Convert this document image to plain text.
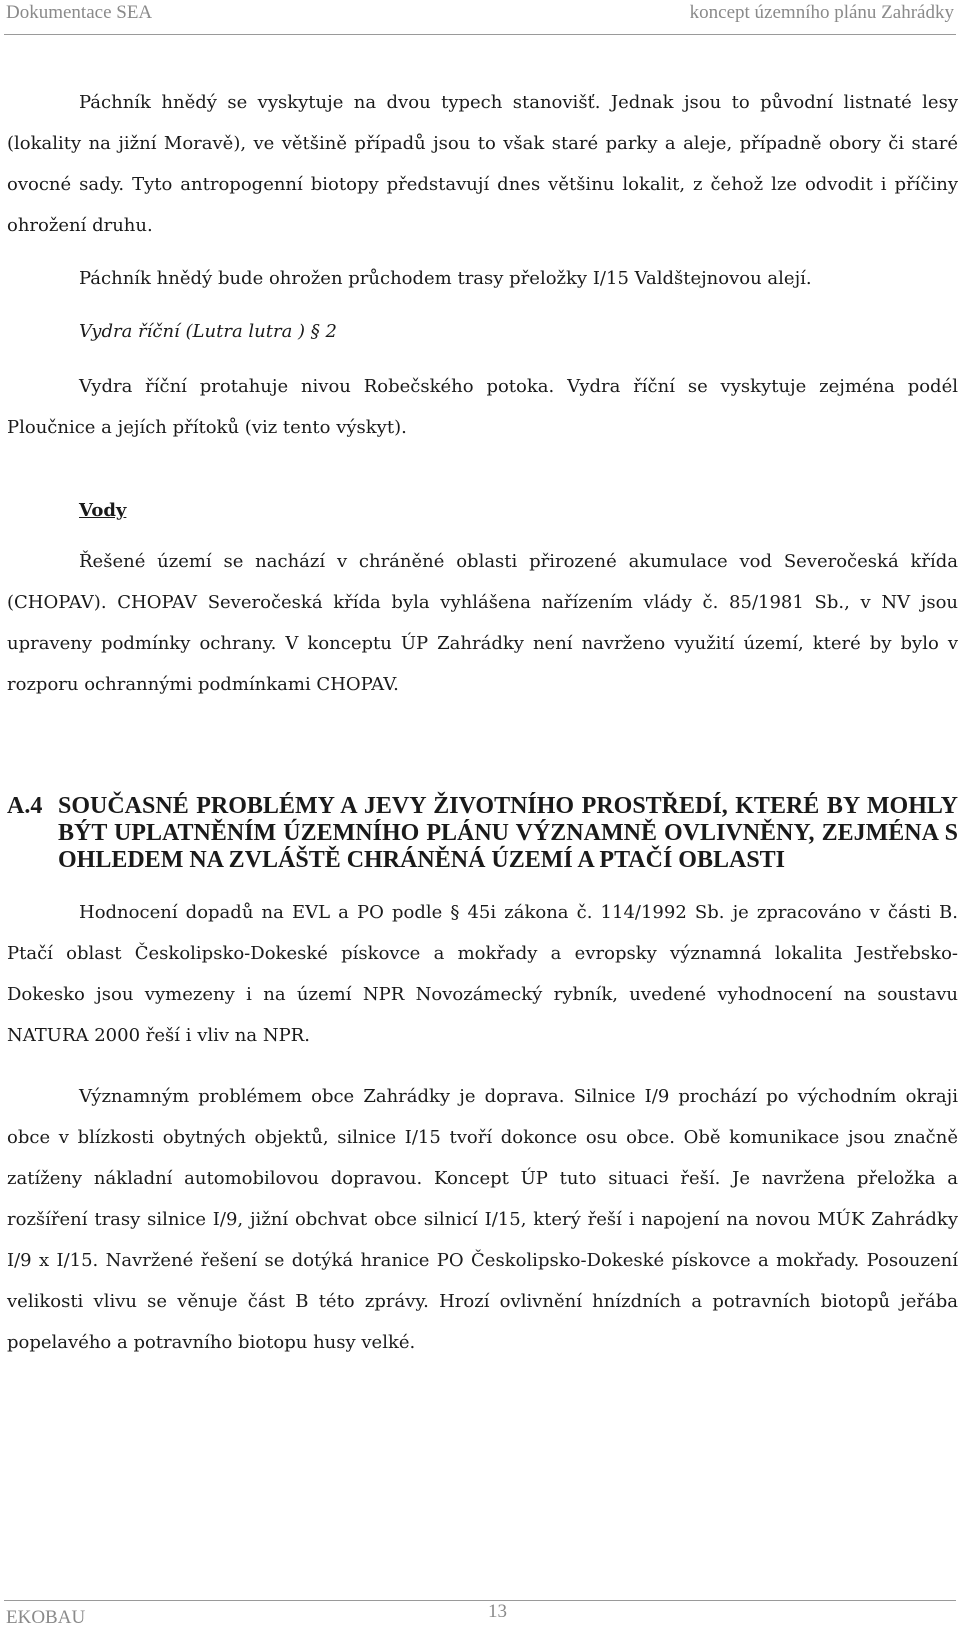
Dokumentace SEA	koncept územního plánu Zahrádky

Páchník hnědý se vyskytuje na dvou typech stanovišť. Jednak jsou to původní listnaté lesy (lokality na jižní Moravě), ve většině případů jsou to však staré parky a aleje, případně obory či staré ovocné sady. Tyto antropogenní biotopy představují dnes většinu lokalit, z čehož lze odvodit i příčiny ohrožení druhu.

Páchník hnědý bude ohrožen průchodem trasy přeložky I/15 Valdštejnovou alejí.

Vydra říční (Lutra lutra ) § 2

Vydra říční protahuje nivou Robečského potoka. Vydra říční se vyskytuje zejména podél Ploučnice a jejích přítoků (viz tento výskyt).

Vody

Řešené území se nachází v chráněné oblasti přirozené akumulace vod Severočeská křída (CHOPAV). CHOPAV Severočeská křída byla vyhlášena nařízením vlády č. 85/1981 Sb., v NV jsou upraveny podmínky ochrany. V konceptu ÚP Zahrádky není navrženo využití území, které by bylo v rozporu ochrannými podmínkami CHOPAV.

A.4 SOUČASNÉ PROBLÉMY A JEVY ŽIVOTNÍHO PROSTŘEDÍ, KTERÉ BY MOHLY BÝT UPLATNĚNÍM ÚZEMNÍHO PLÁNU VÝZNAMNĚ OVLIVNĚNY, ZEJMÉNA S OHLEDEM NA ZVLÁŠTĚ CHRÁNĚNÁ ÚZEMÍ A PTAČÍ OBLASTI

Hodnocení dopadů na EVL a PO podle § 45i zákona č. 114/1992 Sb. je zpracováno v části B. Ptačí oblast Českolipsko-Dokeské pískovce a mokřady a evropsky významná lokalita Jestřebsko-Dokesko jsou vymezeny i na území NPR Novozámecký rybník, uvedené vyhodnocení na soustavu NATURA 2000 řeší i vliv na NPR.

Významným problémem obce Zahrádky je doprava. Silnice I/9 prochází po východním okraji obce v blízkosti obytných objektů, silnice I/15 tvoří dokonce osu obce. Obě komunikace jsou značně zatíženy nákladní automobilovou dopravou. Koncept ÚP tuto situaci řeší. Je navržena přeložka a rozšíření trasy silnice I/9, jižní obchvat obce silnicí I/15, který řeší i napojení na novou MÚK Zahrádky I/9 x I/15. Navržené řešení se dotýká hranice PO Českolipsko-Dokeské pískovce a mokřady. Posouzení velikosti vlivu se věnuje část B této zprávy. Hrozí ovlivnění hnízdních a potravních biotopů jeřába popelavého a potravního biotopu husy velké.

EKOBAU	13
